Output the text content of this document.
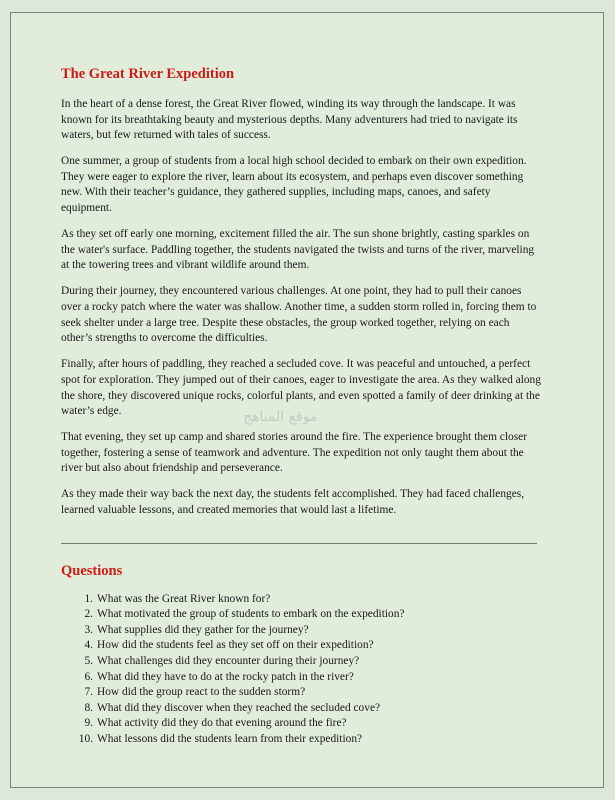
The Great River Expedition

In the heart of a dense forest, the Great River flowed, winding its way through the landscape. It was known for its breathtaking beauty and mysterious depths. Many adventurers had tried to navigate its waters, but few returned with tales of success.

One summer, a group of students from a local high school decided to embark on their own expedition. They were eager to explore the river, learn about its ecosystem, and perhaps even discover something new. With their teacher’s guidance, they gathered supplies, including maps, canoes, and safety equipment.

As they set off early one morning, excitement filled the air. The sun shone brightly, casting sparkles on the water's surface. Paddling together, the students navigated the twists and turns of the river, marveling at the towering trees and vibrant wildlife around them.

During their journey, they encountered various challenges. At one point, they had to pull their canoes over a rocky patch where the water was shallow. Another time, a sudden storm rolled in, forcing them to seek shelter under a large tree. Despite these obstacles, the group worked together, relying on each other’s strengths to overcome the difficulties.

Finally, after hours of paddling, they reached a secluded cove. It was peaceful and untouched, a perfect spot for exploration. They jumped out of their canoes, eager to investigate the area. As they walked along the shore, they discovered unique rocks, colorful plants, and even spotted a family of deer drinking at the water’s edge.

That evening, they set up camp and shared stories around the fire. The experience brought them closer together, fostering a sense of teamwork and adventure. The expedition not only taught them about the river but also about friendship and perseverance.

As they made their way back the next day, the students felt accomplished. They had faced challenges, learned valuable lessons, and created memories that would last a lifetime.

Questions
1. What was the Great River known for?
2. What motivated the group of students to embark on the expedition?
3. What supplies did they gather for the journey?
4. How did the students feel as they set off on their expedition?
5. What challenges did they encounter during their journey?
6. What did they have to do at the rocky patch in the river?
7. How did the group react to the sudden storm?
8. What did they discover when they reached the secluded cove?
9. What activity did they do that evening around the fire?
10. What lessons did the students learn from their expedition?
موقع المناهج
